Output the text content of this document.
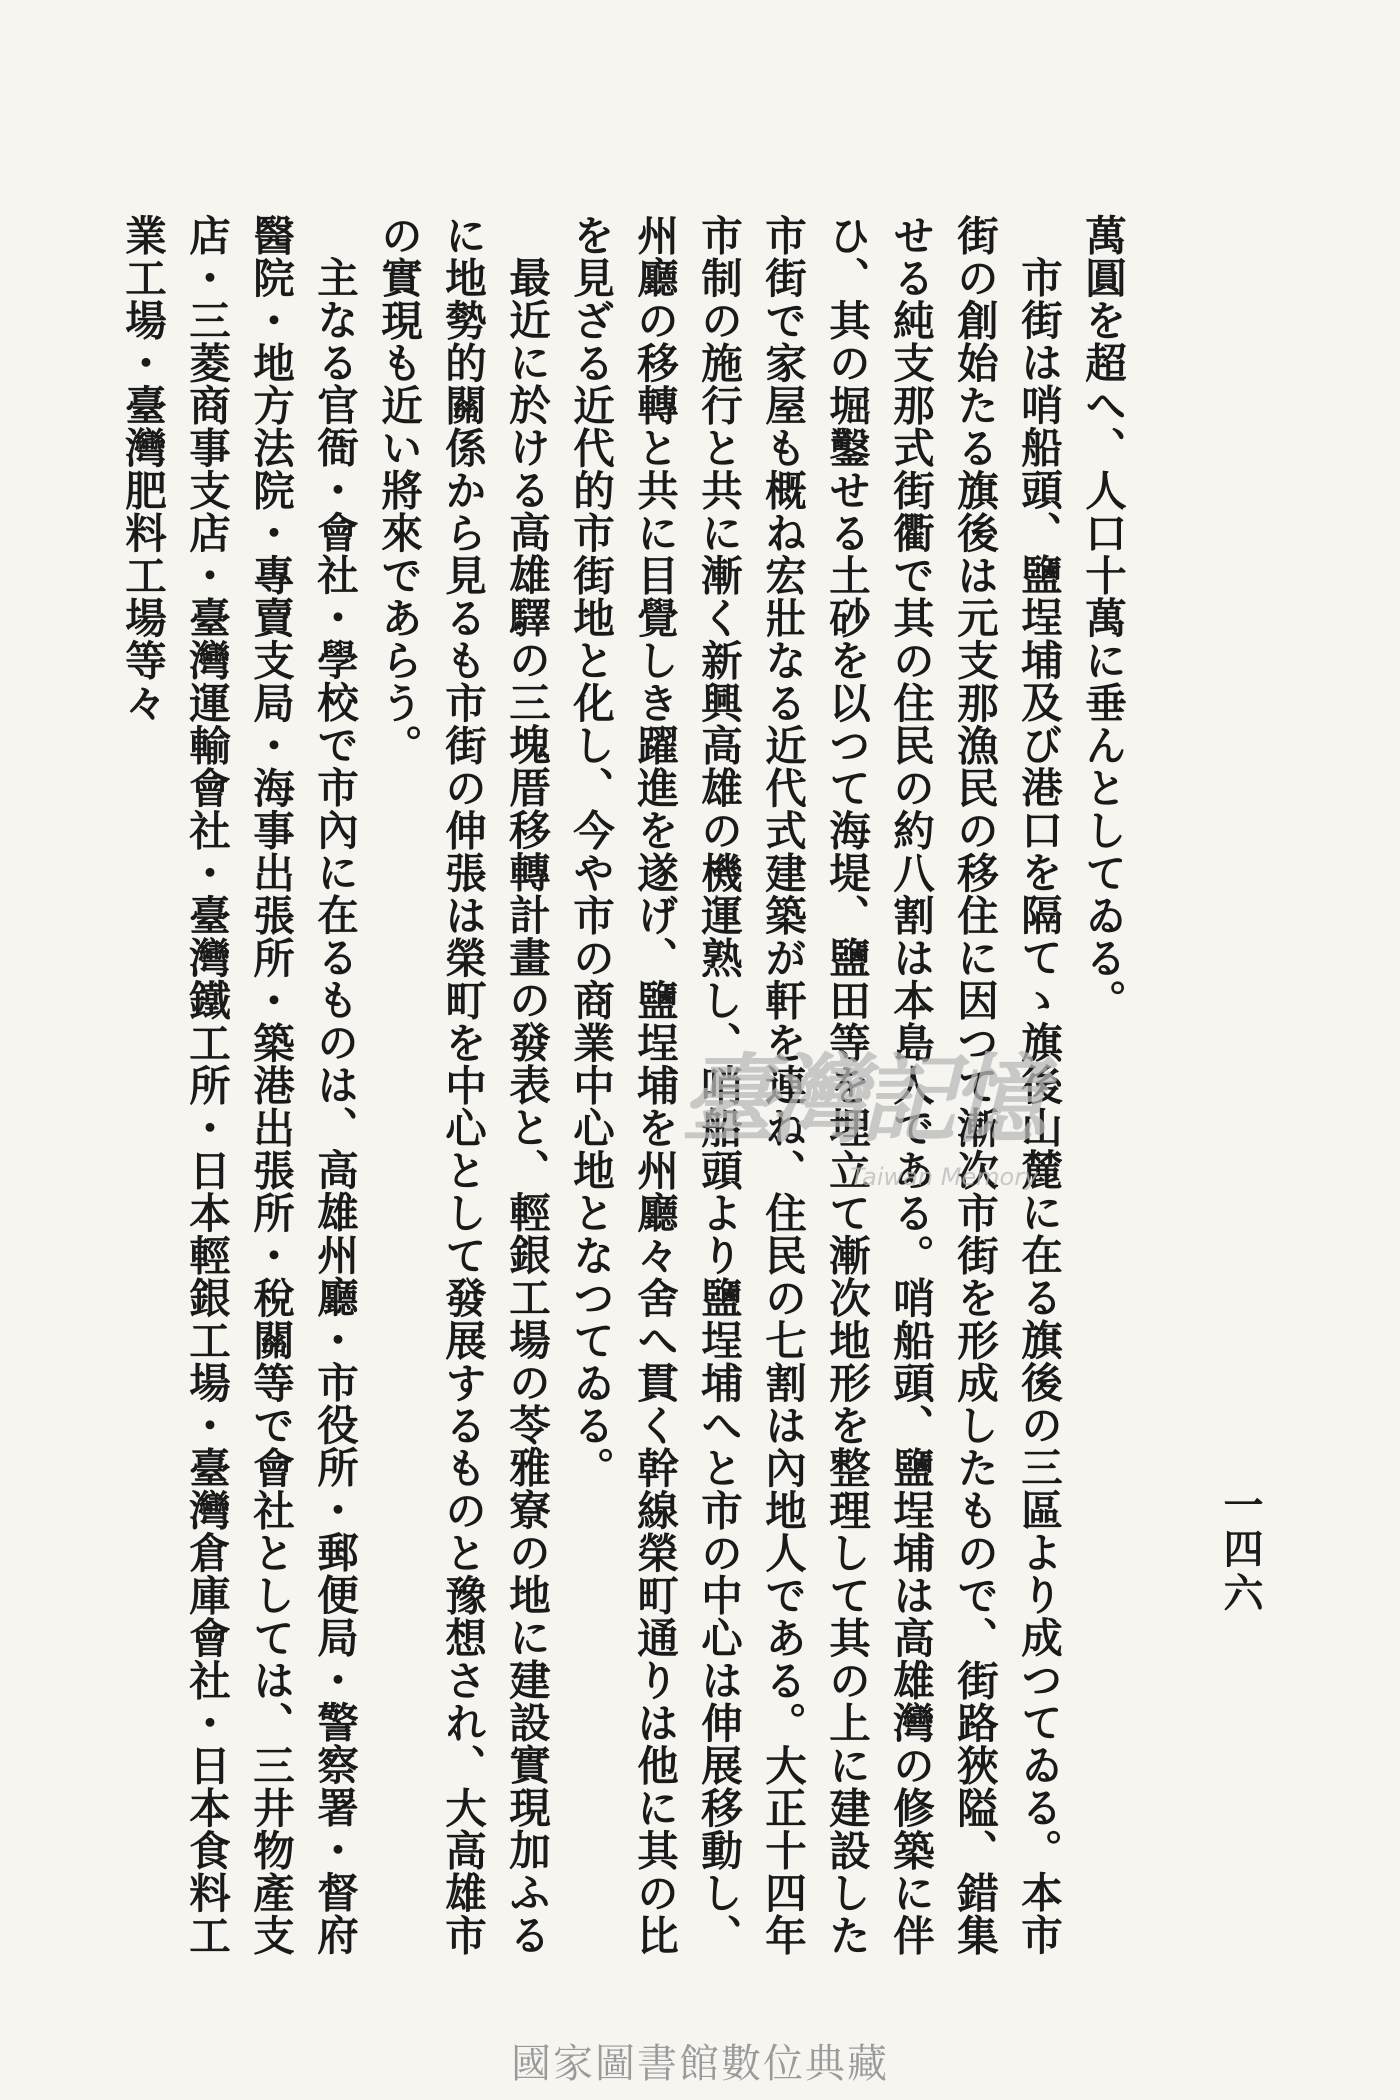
一四六

萬圓を超へ、人口十萬に垂んとしてゐる。

市街は哨船頭、鹽埕埔及び港口を隔てゝ旗後山麓に在る旗後の三區より成つてゐる。本市街の創始たる旗後は元支那漁民の移住に因つて漸次市街を形成したもので、街路狹隘、錯集せる純支那式街衢で其の住民の約八割は本島人である。哨船頭、鹽埕埔は高雄灣の修築に伴ひ、其の堀鑿せる土砂を以つて海堤、鹽田等を埋立て漸次地形を整理して其の上に建設した市街で家屋も概ね宏壯なる近代式建築が軒を連ね、住民の七割は內地人である。大正十四年市制の施行と共に漸く新興高雄の機運熟し、哨船頭より鹽埕埔へと市の中心は伸展移動し、州廳の移轉と共に目覺しき躍進を遂げ、鹽埕埔を州廳々舍へ貫く幹線榮町通りは他に其の比を見ざる近代的市街地と化し、今や市の商業中心地となつてゐる。

最近に於ける高雄驛の三塊厝移轉計畫の發表と、輕銀工場の苓雅寮の地に建設實現加ふるに地勢的關係から見るも市街の伸張は榮町を中心として發展するものと豫想され、大高雄市の實現も近い將來であらう。

主なる官衙・會社・學校で市內に在るものは、高雄州廳・市役所・郵便局・警察署・督府醫院・地方法院・專賣支局・海事出張所・築港出張所・稅關等で會社としては、三井物產支店・三菱商事支店・臺灣運輸會社・臺灣鐵工所・日本輕銀工場・臺灣倉庫會社・日本食料工業工場・臺灣肥料工場等々

臺灣記憶
Taiwan Memory
國家圖書館數位典藏
